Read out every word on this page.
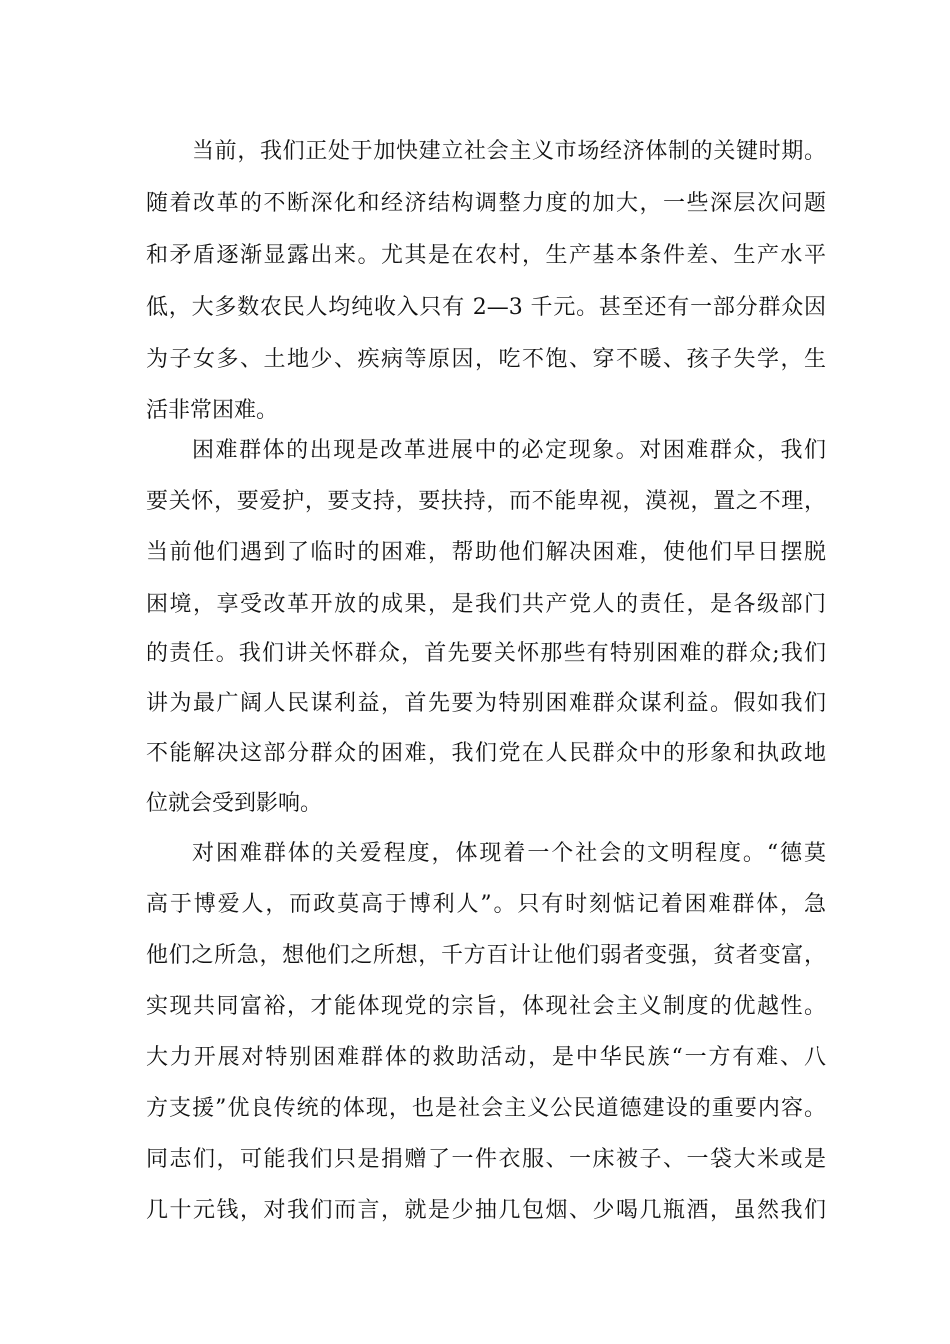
当前，我们正处于加快建立社会主义市场经济体制的关键时期。
随着改革的不断深化和经济结构调整力度的加大，一些深层次问题
和矛盾逐渐显露出来。尤其是在农村，生产基本条件差、生产水平
低，大多数农民人均纯收入只有 2—3 千元。甚至还有一部分群众因
为子女多、土地少、疾病等原因，吃不饱、穿不暖、孩子失学，生
活非常困难。
困难群体的出现是改革进展中的必定现象。对困难群众，我们
要关怀，要爱护，要支持，要扶持，而不能卑视，漠视，置之不理，
当前他们遇到了临时的困难，帮助他们解决困难，使他们早日摆脱
困境，享受改革开放的成果，是我们共产党人的责任，是各级部门
的责任。我们讲关怀群众，首先要关怀那些有特别困难的群众;我们
讲为最广阔人民谋利益，首先要为特别困难群众谋利益。假如我们
不能解决这部分群众的困难，我们党在人民群众中的形象和执政地
位就会受到影响。
对困难群体的关爱程度，体现着一个社会的文明程度。“德莫
高于博爱人，而政莫高于博利人”。只有时刻惦记着困难群体，急
他们之所急，想他们之所想，千方百计让他们弱者变强，贫者变富，
实现共同富裕，才能体现党的宗旨，体现社会主义制度的优越性。
大力开展对特别困难群体的救助活动，是中华民族“一方有难、八
方支援”优良传统的体现，也是社会主义公民道德建设的重要内容。
同志们，可能我们只是捐赠了一件衣服、一床被子、一袋大米或是
几十元钱，对我们而言，就是少抽几包烟、少喝几瓶酒，虽然我们
